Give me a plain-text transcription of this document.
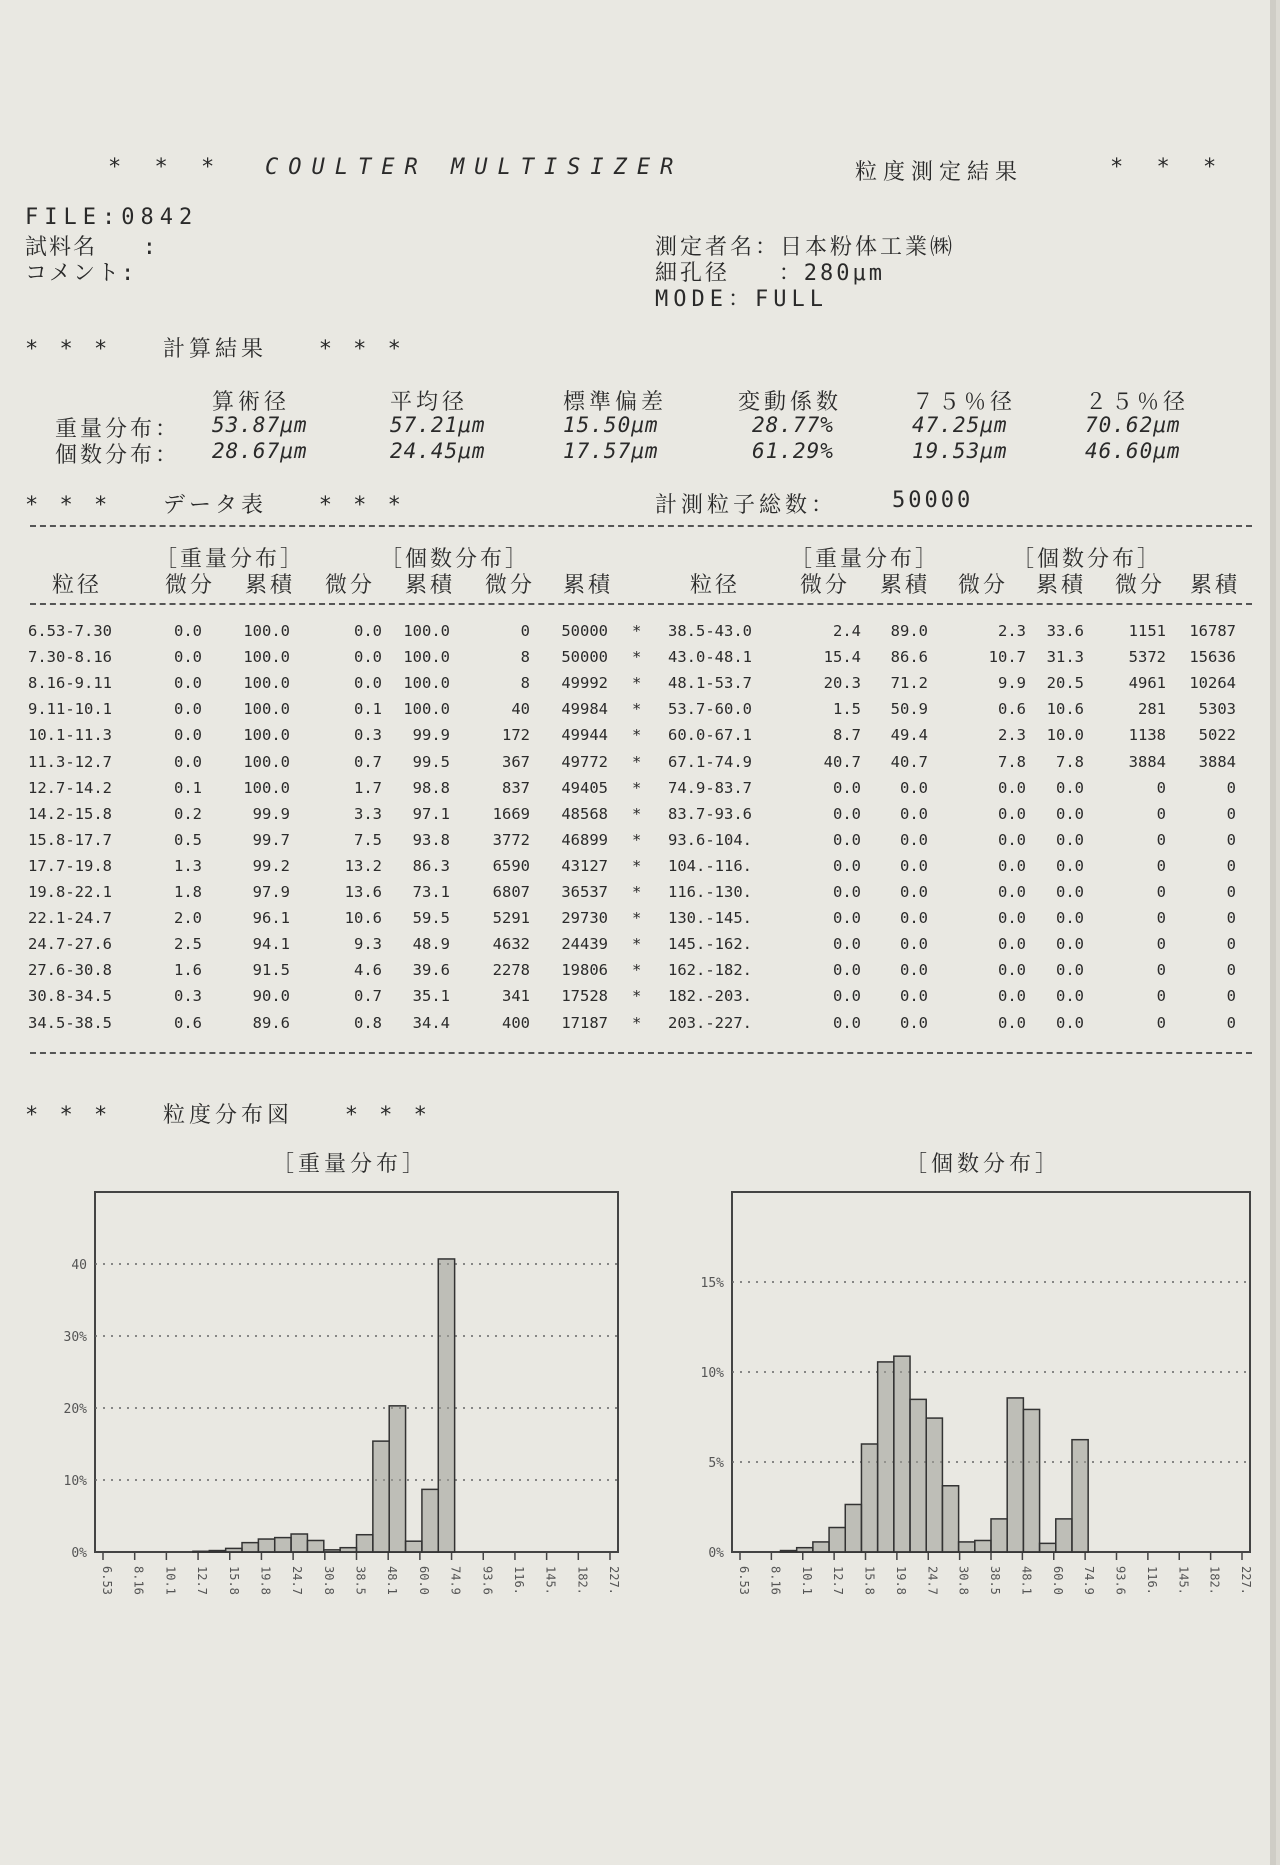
* * * COULTER MULTISIZER	粒度測定結果	* * *
FILE:0842
試料名   :
コメント:
測定者名：日本粉体工業㈱
細孔径   ：280μm
MODE：FULL
* * *   計算結果   * * *
算術径	平均径	標準偏差	変動係数	７５％径	２５％径
重量分布： 53.87μm	57.21μm	15.50μm	28.77%	47.25μm	70.62μm
個数分布： 28.67μm	24.45μm	17.57μm	61.29%	19.53μm	46.60μm
* * *   データ表   * * *	計測粒子総数： 50000
［重量分布］	［個数分布］	［重量分布］	［個数分布］
粒径	微分 累積 微分 累積 微分 累積	粒径	微分 累積 微分 累積 微分 累積
6.53-7.30	0.0	100.0	0.0 100.0	0	50000 * 38.5-43.0	2.4	89.0	2.3	33.6	1151	16787
7.30-8.16	0.0	100.0	0.0 100.0	8	50000 * 43.0-48.1	15.4	86.6	10.7	31.3	5372	15636
8.16-9.11	0.0	100.0	0.0 100.0	8	49992 * 48.1-53.7	20.3	71.2	9.9	20.5	4961	10264
9.11-10.1	0.0	100.0	0.1 100.0	40	49984 * 53.7-60.0	1.5	50.9	0.6	10.6	281	5303
10.1-11.3	0.0	100.0	0.3	99.9	172	49944 * 60.0-67.1	8.7	49.4	2.3	10.0	1138	5022
11.3-12.7	0.0	100.0	0.7	99.5	367	49772 * 67.1-74.9	40.7	40.7	7.8	7.8	3884	3884
12.7-14.2	0.1	100.0	1.7	98.8	837	49405 * 74.9-83.7	0.0	0.0	0.0	0.0	0	0
14.2-15.8	0.2	99.9	3.3	97.1	1669	48568 * 83.7-93.6	0.0	0.0	0.0	0.0	0	0
15.8-17.7	0.5	99.7	7.5	93.8	3772	46899 * 93.6-104.	0.0	0.0	0.0	0.0	0	0
17.7-19.8	1.3	99.2	13.2	86.3	6590	43127 * 104.-116.	0.0	0.0	0.0	0.0	0	0
19.8-22.1	1.8	97.9	13.6	73.1	6807	36537 * 116.-130.	0.0	0.0	0.0	0.0	0	0
22.1-24.7	2.0	96.1	10.6	59.5	5291	29730 * 130.-145.	0.0	0.0	0.0	0.0	0	0
24.7-27.6	2.5	94.1	9.3	48.9	4632	24439 * 145.-162.	0.0	0.0	0.0	0.0	0	0
27.6-30.8	1.6	91.5	4.6	39.6	2278	19806 * 162.-182.	0.0	0.0	0.0	0.0	0	0
30.8-34.5	0.3	90.0	0.7	35.1	341	17528 * 182.-203.	0.0	0.0	0.0	0.0	0	0
34.5-38.5	0.6	89.6	0.8	34.4	400	17187 * 203.-227.	0.0	0.0	0.0	0.0	0	0
* * *   粒度分布図   * * *
［重量分布］	［個数分布］
40
30%
20%
10%
0%
6.53 8.16 10.1 12.7 15.8 19.8 24.7 30.8 38.5 48.1 60.0 74.9 93.6 116. 145. 182. 227.
15%
10%
5%
0%
6.53 8.16 10.1 12.7 15.8 19.8 24.7 30.8 38.5 48.1 60.0 74.9 93.6 116. 145. 182. 227.
